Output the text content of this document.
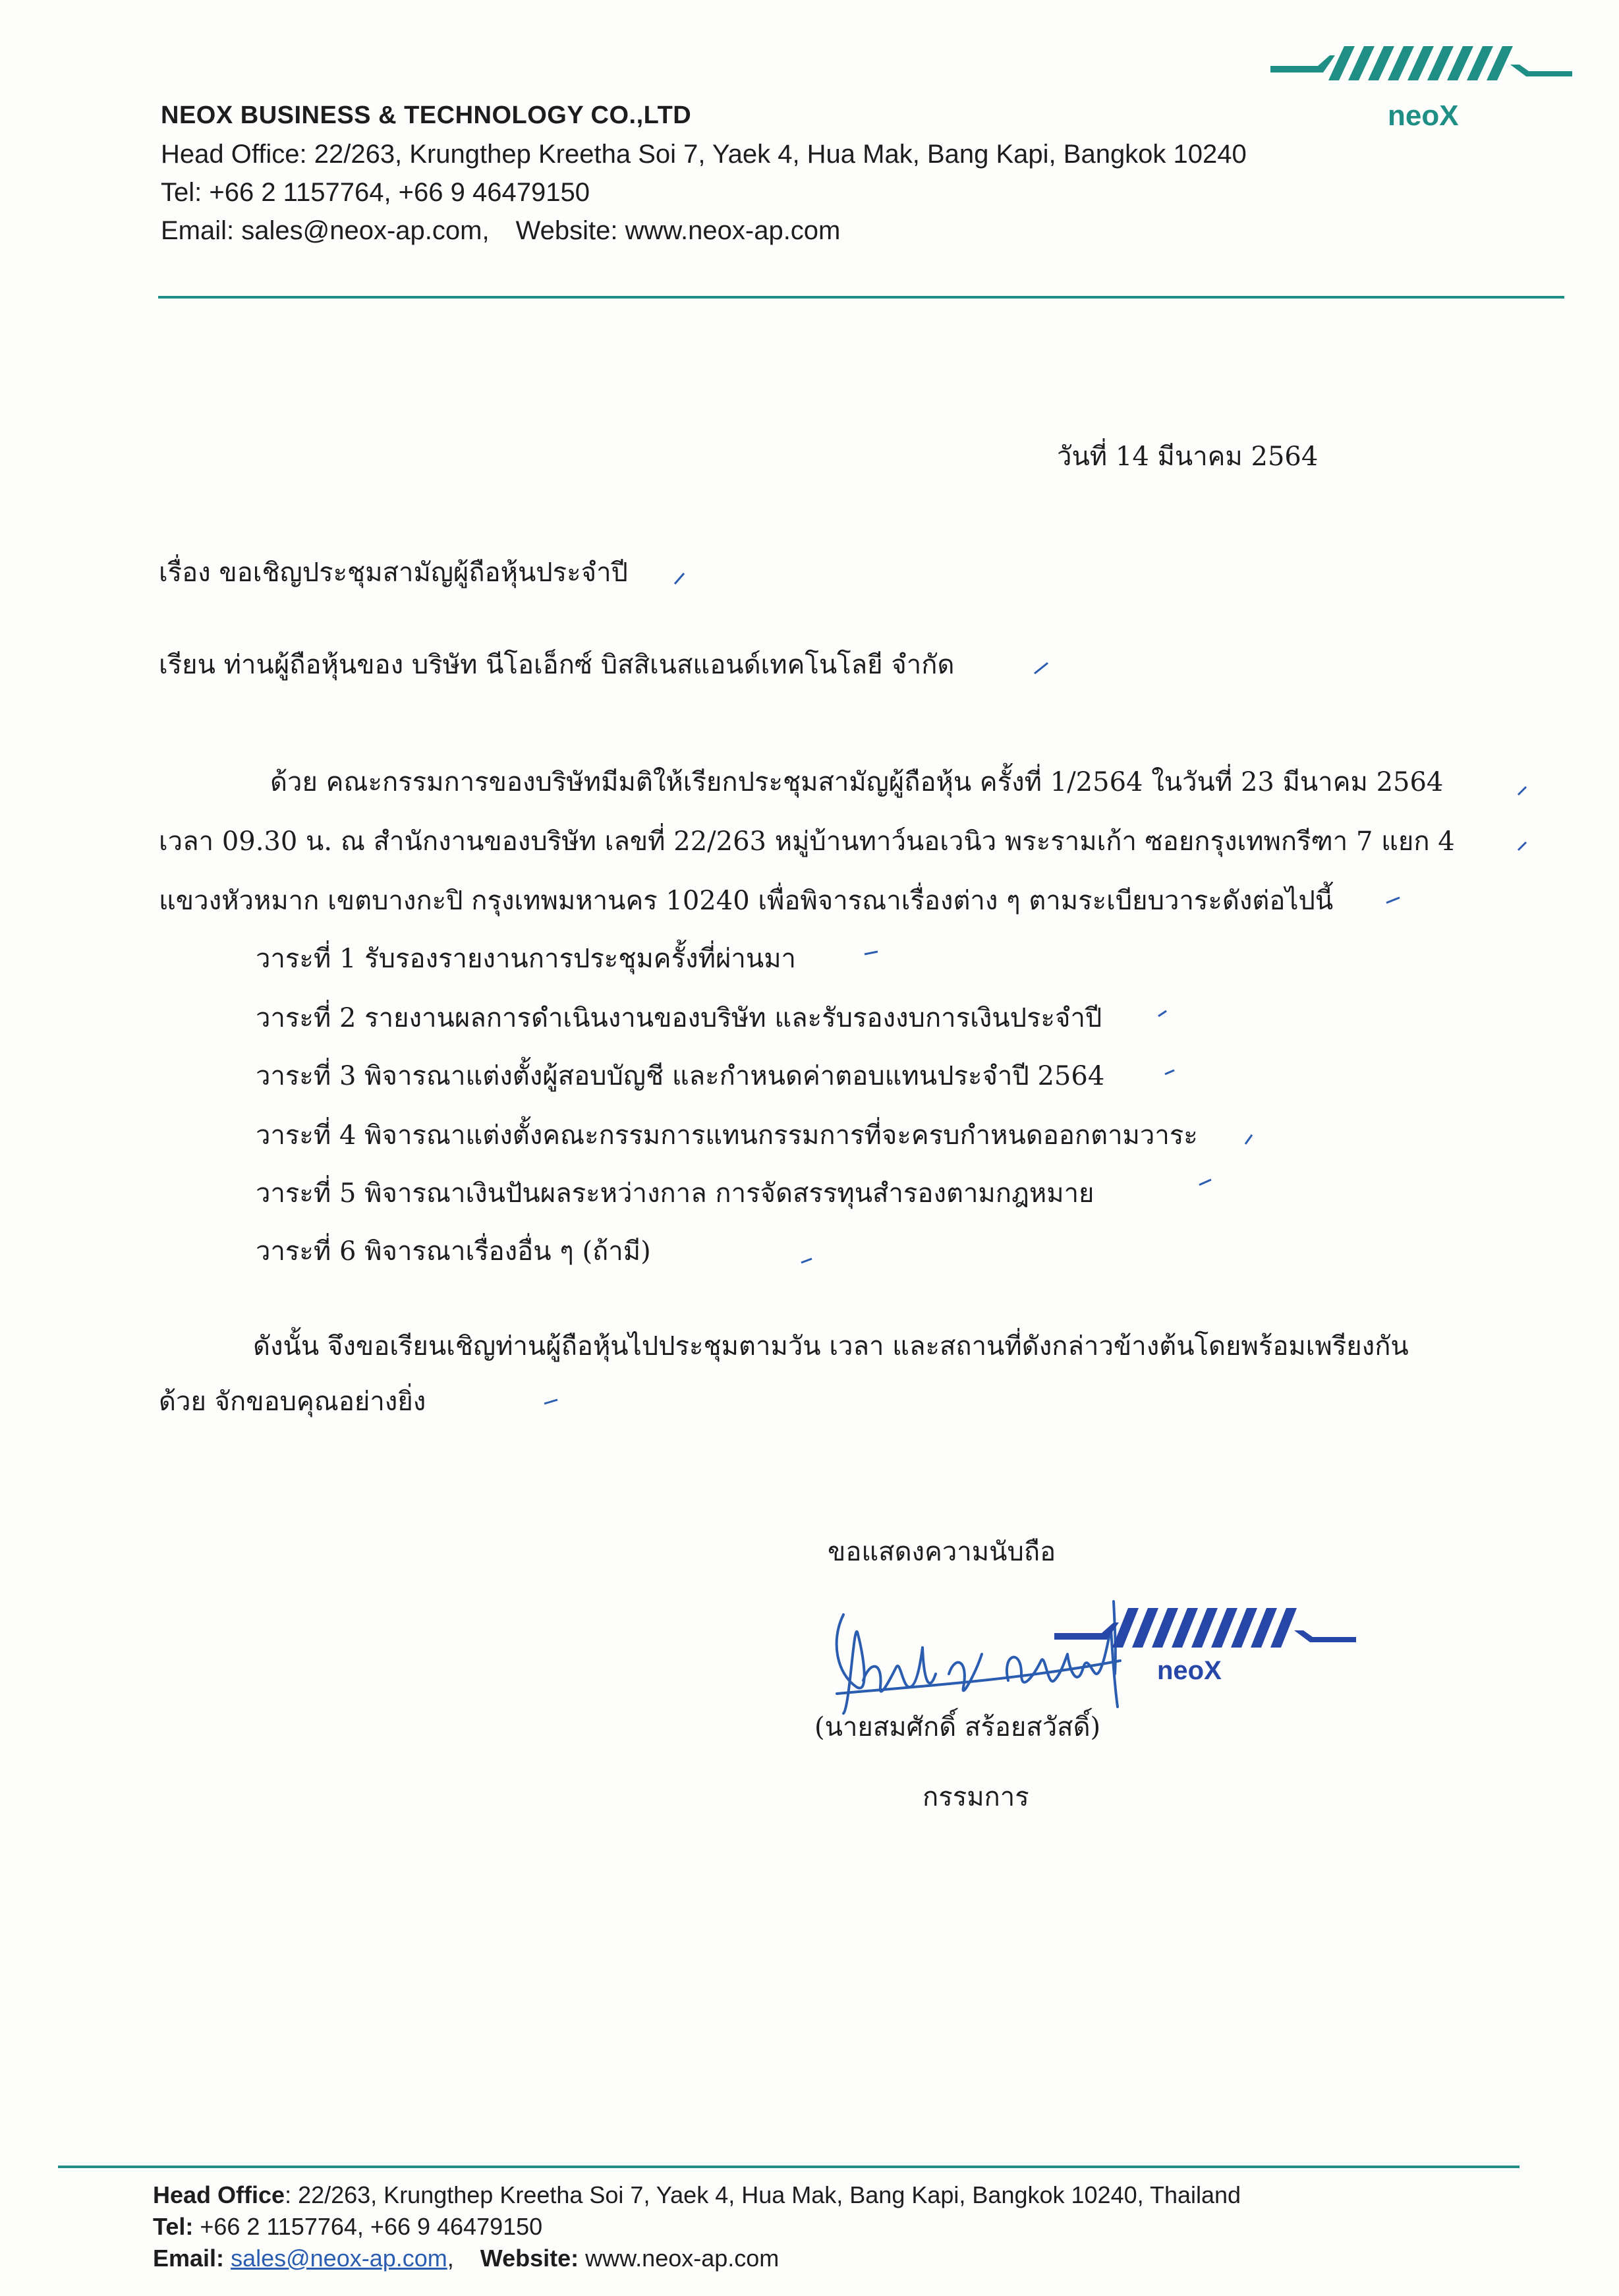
NEOX BUSINESS & TECHNOLOGY CO.,LTD
Head Office: 22/263, Krungthep Kreetha Soi 7, Yaek 4, Hua Mak, Bang Kapi, Bangkok 10240
Tel: +66 2 1157764, +66 9 46479150
Email: sales@neox-ap.com, Website: www.neox-ap.com
neoX
วันที่ 14 มีนาคม 2564
เรื่อง ขอเชิญประชุมสามัญผู้ถือหุ้นประจำปี
เรียน ท่านผู้ถือหุ้นของ บริษัท นีโอเอ็กซ์ บิสสิเนสแอนด์เทคโนโลยี จำกัด
ด้วย คณะกรรมการของบริษัทมีมติให้เรียกประชุมสามัญผู้ถือหุ้น ครั้งที่ 1/2564 ในวันที่ 23 มีนาคม 2564
เวลา 09.30 น. ณ สำนักงานของบริษัท เลขที่ 22/263 หมู่บ้านทาว์นอเวนิว พระรามเก้า ซอยกรุงเทพกรีฑา 7 แยก 4
แขวงหัวหมาก เขตบางกะปิ กรุงเทพมหานคร 10240 เพื่อพิจารณาเรื่องต่าง ๆ ตามระเบียบวาระดังต่อไปนี้
วาระที่ 1 รับรองรายงานการประชุมครั้งที่ผ่านมา
วาระที่ 2 รายงานผลการดำเนินงานของบริษัท และรับรองงบการเงินประจำปี
วาระที่ 3 พิจารณาแต่งตั้งผู้สอบบัญชี และกำหนดค่าตอบแทนประจำปี 2564
วาระที่ 4 พิจารณาแต่งตั้งคณะกรรมการแทนกรรมการที่จะครบกำหนดออกตามวาระ
วาระที่ 5 พิจารณาเงินปันผลระหว่างกาล การจัดสรรทุนสำรองตามกฎหมาย
วาระที่ 6 พิจารณาเรื่องอื่น ๆ (ถ้ามี)
ดังนั้น จึงขอเรียนเชิญท่านผู้ถือหุ้นไปประชุมตามวัน เวลา และสถานที่ดังกล่าวข้างต้นโดยพร้อมเพรียงกัน
ด้วย จักขอบคุณอย่างยิ่ง
ขอแสดงความนับถือ
neoX
(นายสมศักดิ์ สร้อยสวัสดิ์)
กรรมการ
Head Office: 22/263, Krungthep Kreetha Soi 7, Yaek 4, Hua Mak, Bang Kapi, Bangkok 10240, Thailand
Tel: +66 2 1157764, +66 9 46479150
Email: sales@neox-ap.com,    Website: www.neox-ap.com
